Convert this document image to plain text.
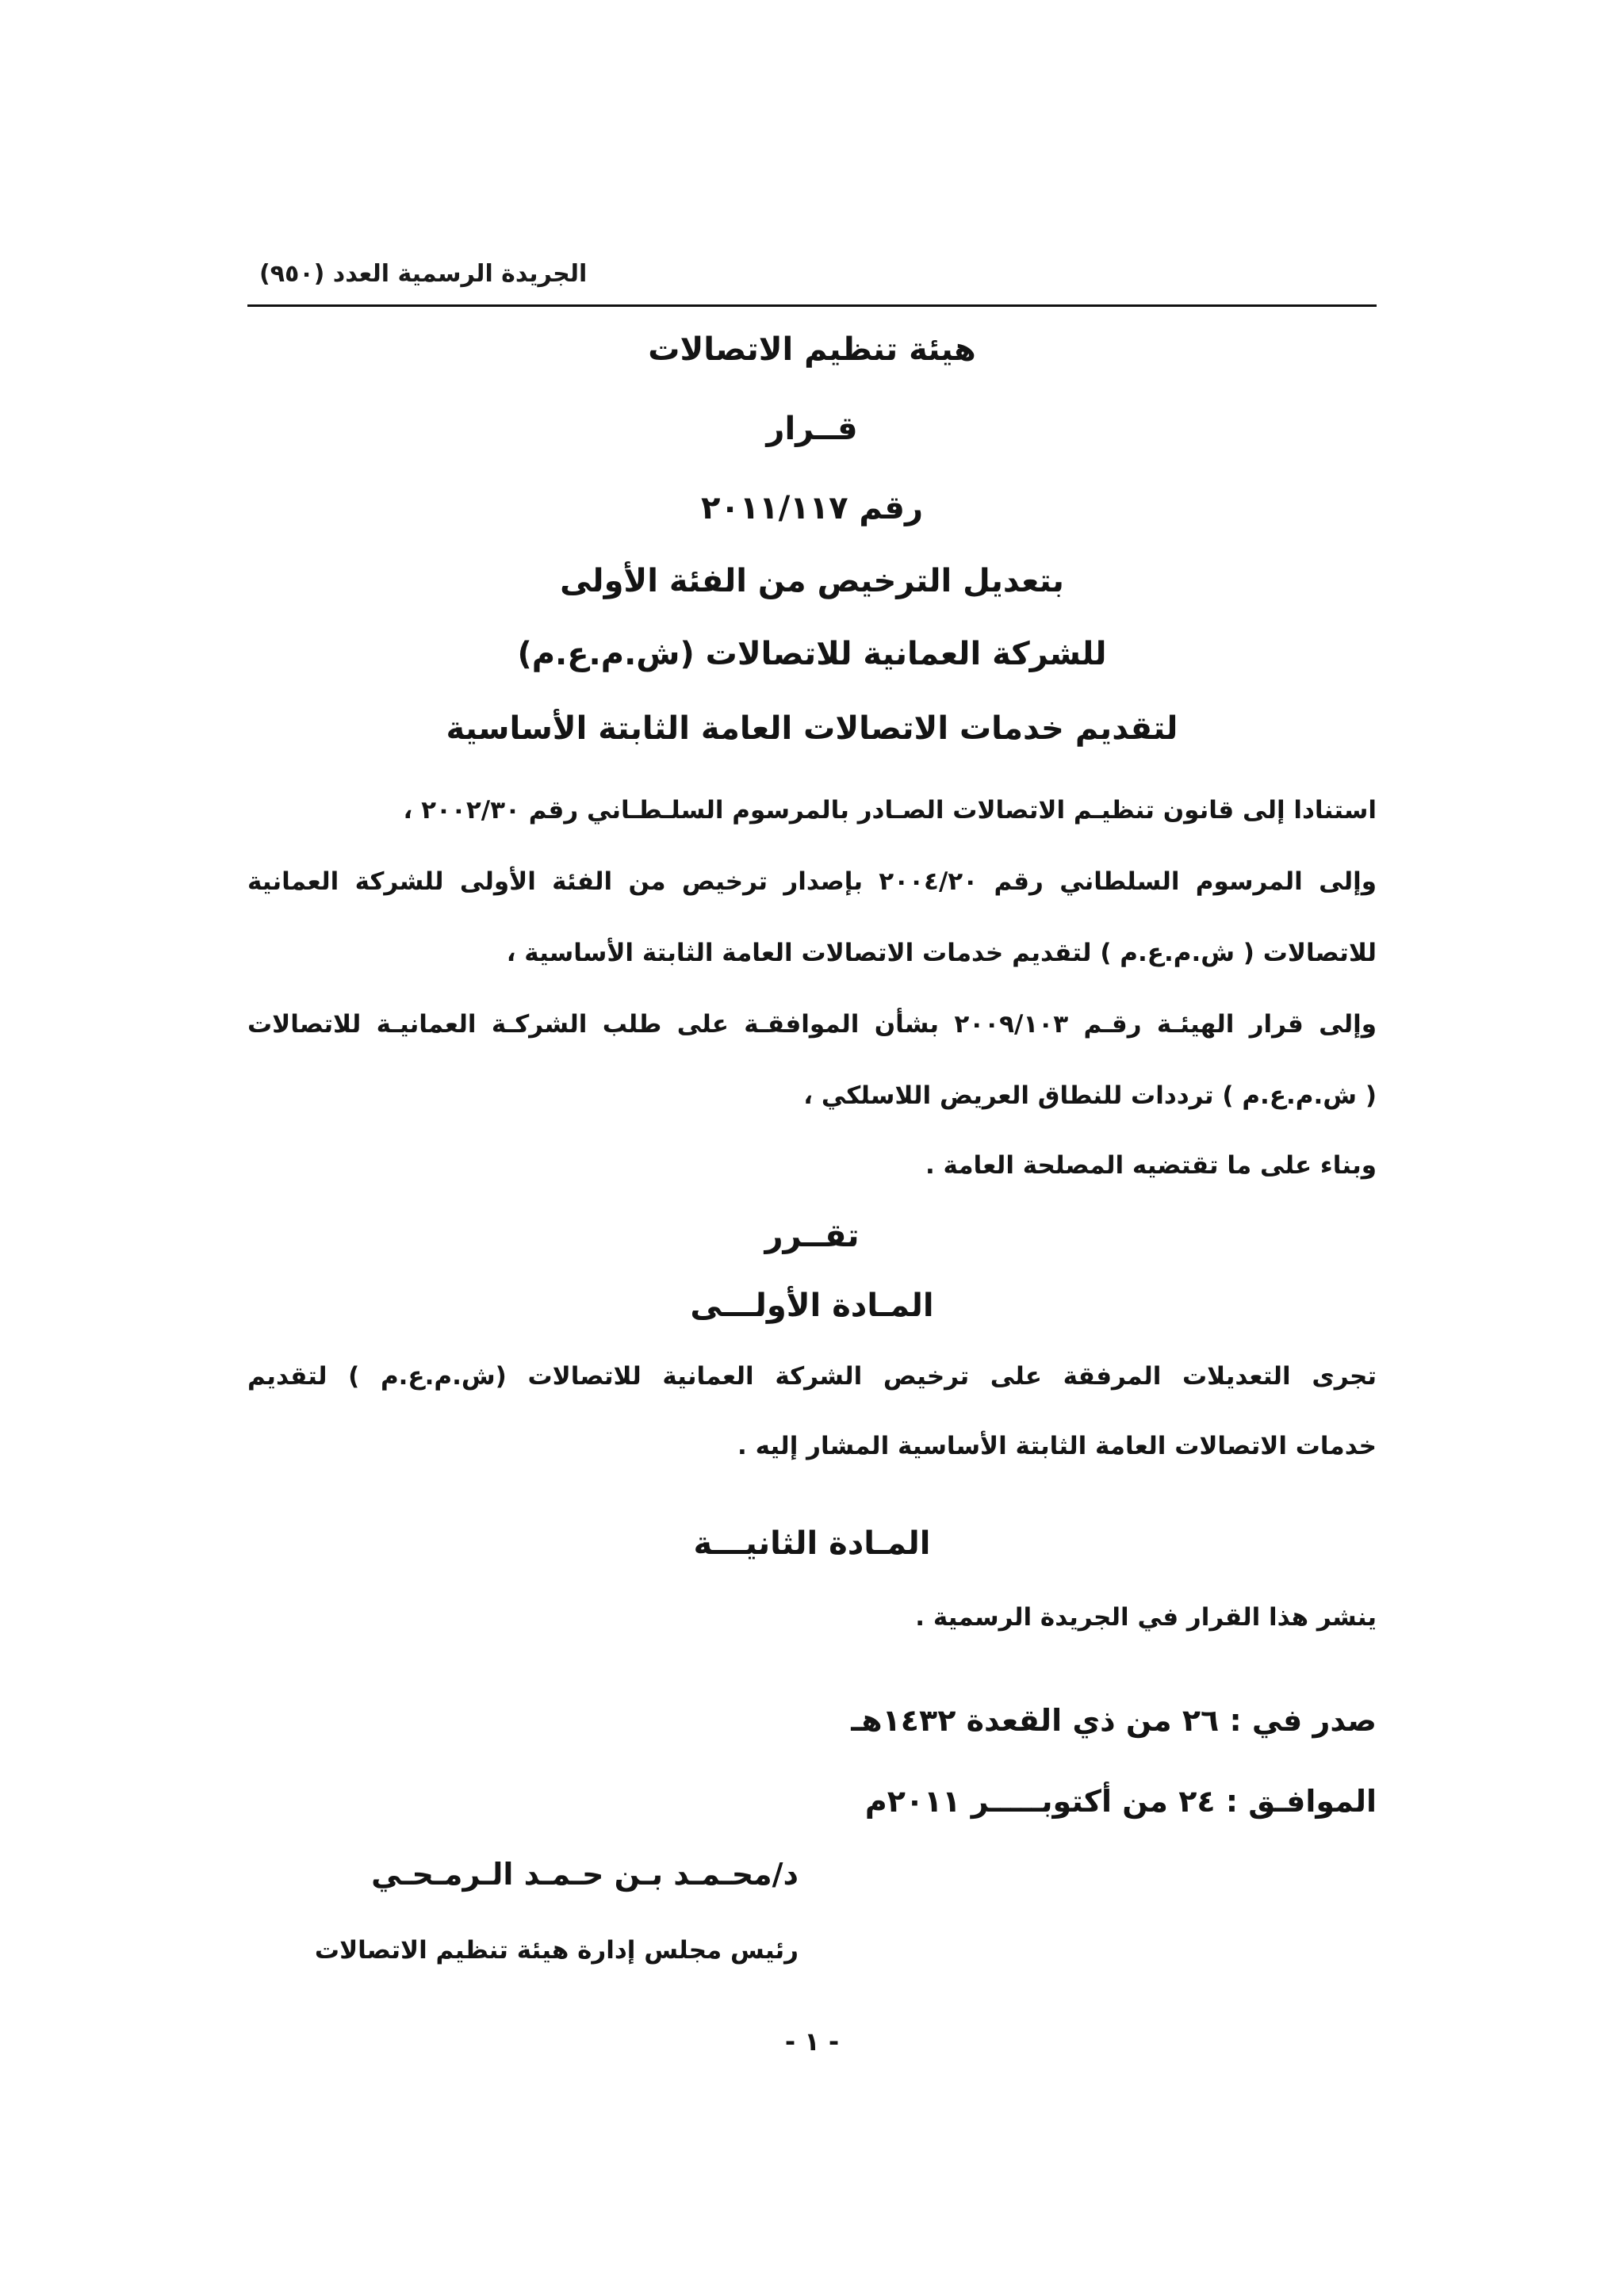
الجريدة الرسمية العدد (٩٥٠)
هيئة تنظيم الاتصالات
قــرار
رقم ٢٠١١/١١٧
بتعديل الترخيص من الفئة الأولى
للشركة العمانية للاتصالات (ش.م.ع.م)
لتقديم خدمات الاتصالات العامة الثابتة الأساسية
استنادا إلى قانون تنظيـم الاتصالات الصـادر بالمرسوم السلـطـاني رقم ٢٠٠٢/٣٠ ،
وإلى المرسوم السلطاني رقم ٢٠٠٤/٢٠ بإصدار ترخيص من الفئة الأولى للشركة العمانية
للاتصالات ( ش.م.ع.م ) لتقديم خدمات الاتصالات العامة الثابتة الأساسية ،
وإلى قرار الهيئـة رقـم ٢٠٠٩/١٠٣ بشأن الموافقـة على طلب الشركـة العمانيـة للاتصالات
( ش.م.ع.م ) ترددات للنطاق العريض اللاسلكي ،
وبناء على ما تقتضيه المصلحة العامة .
تقــرر
المـادة الأولـــى
تجرى التعديلات المرفقة على ترخيص الشركة العمانية للاتصالات (ش.م.ع.م ) لتقديم
خدمات الاتصالات العامة الثابتة الأساسية المشار إليه .
المـادة الثانيـــة
ينشر هذا القرار في الجريدة الرسمية .
صدر في : ٢٦ من ذي القعدة ١٤٣٢هـ
الموافـق : ٢٤ من أكتوبـــــر ٢٠١١م
د/محـمـد بـن حـمـد الـرمـحـي
رئيس مجلس إدارة هيئة تنظيم الاتصالات
- ١ -
